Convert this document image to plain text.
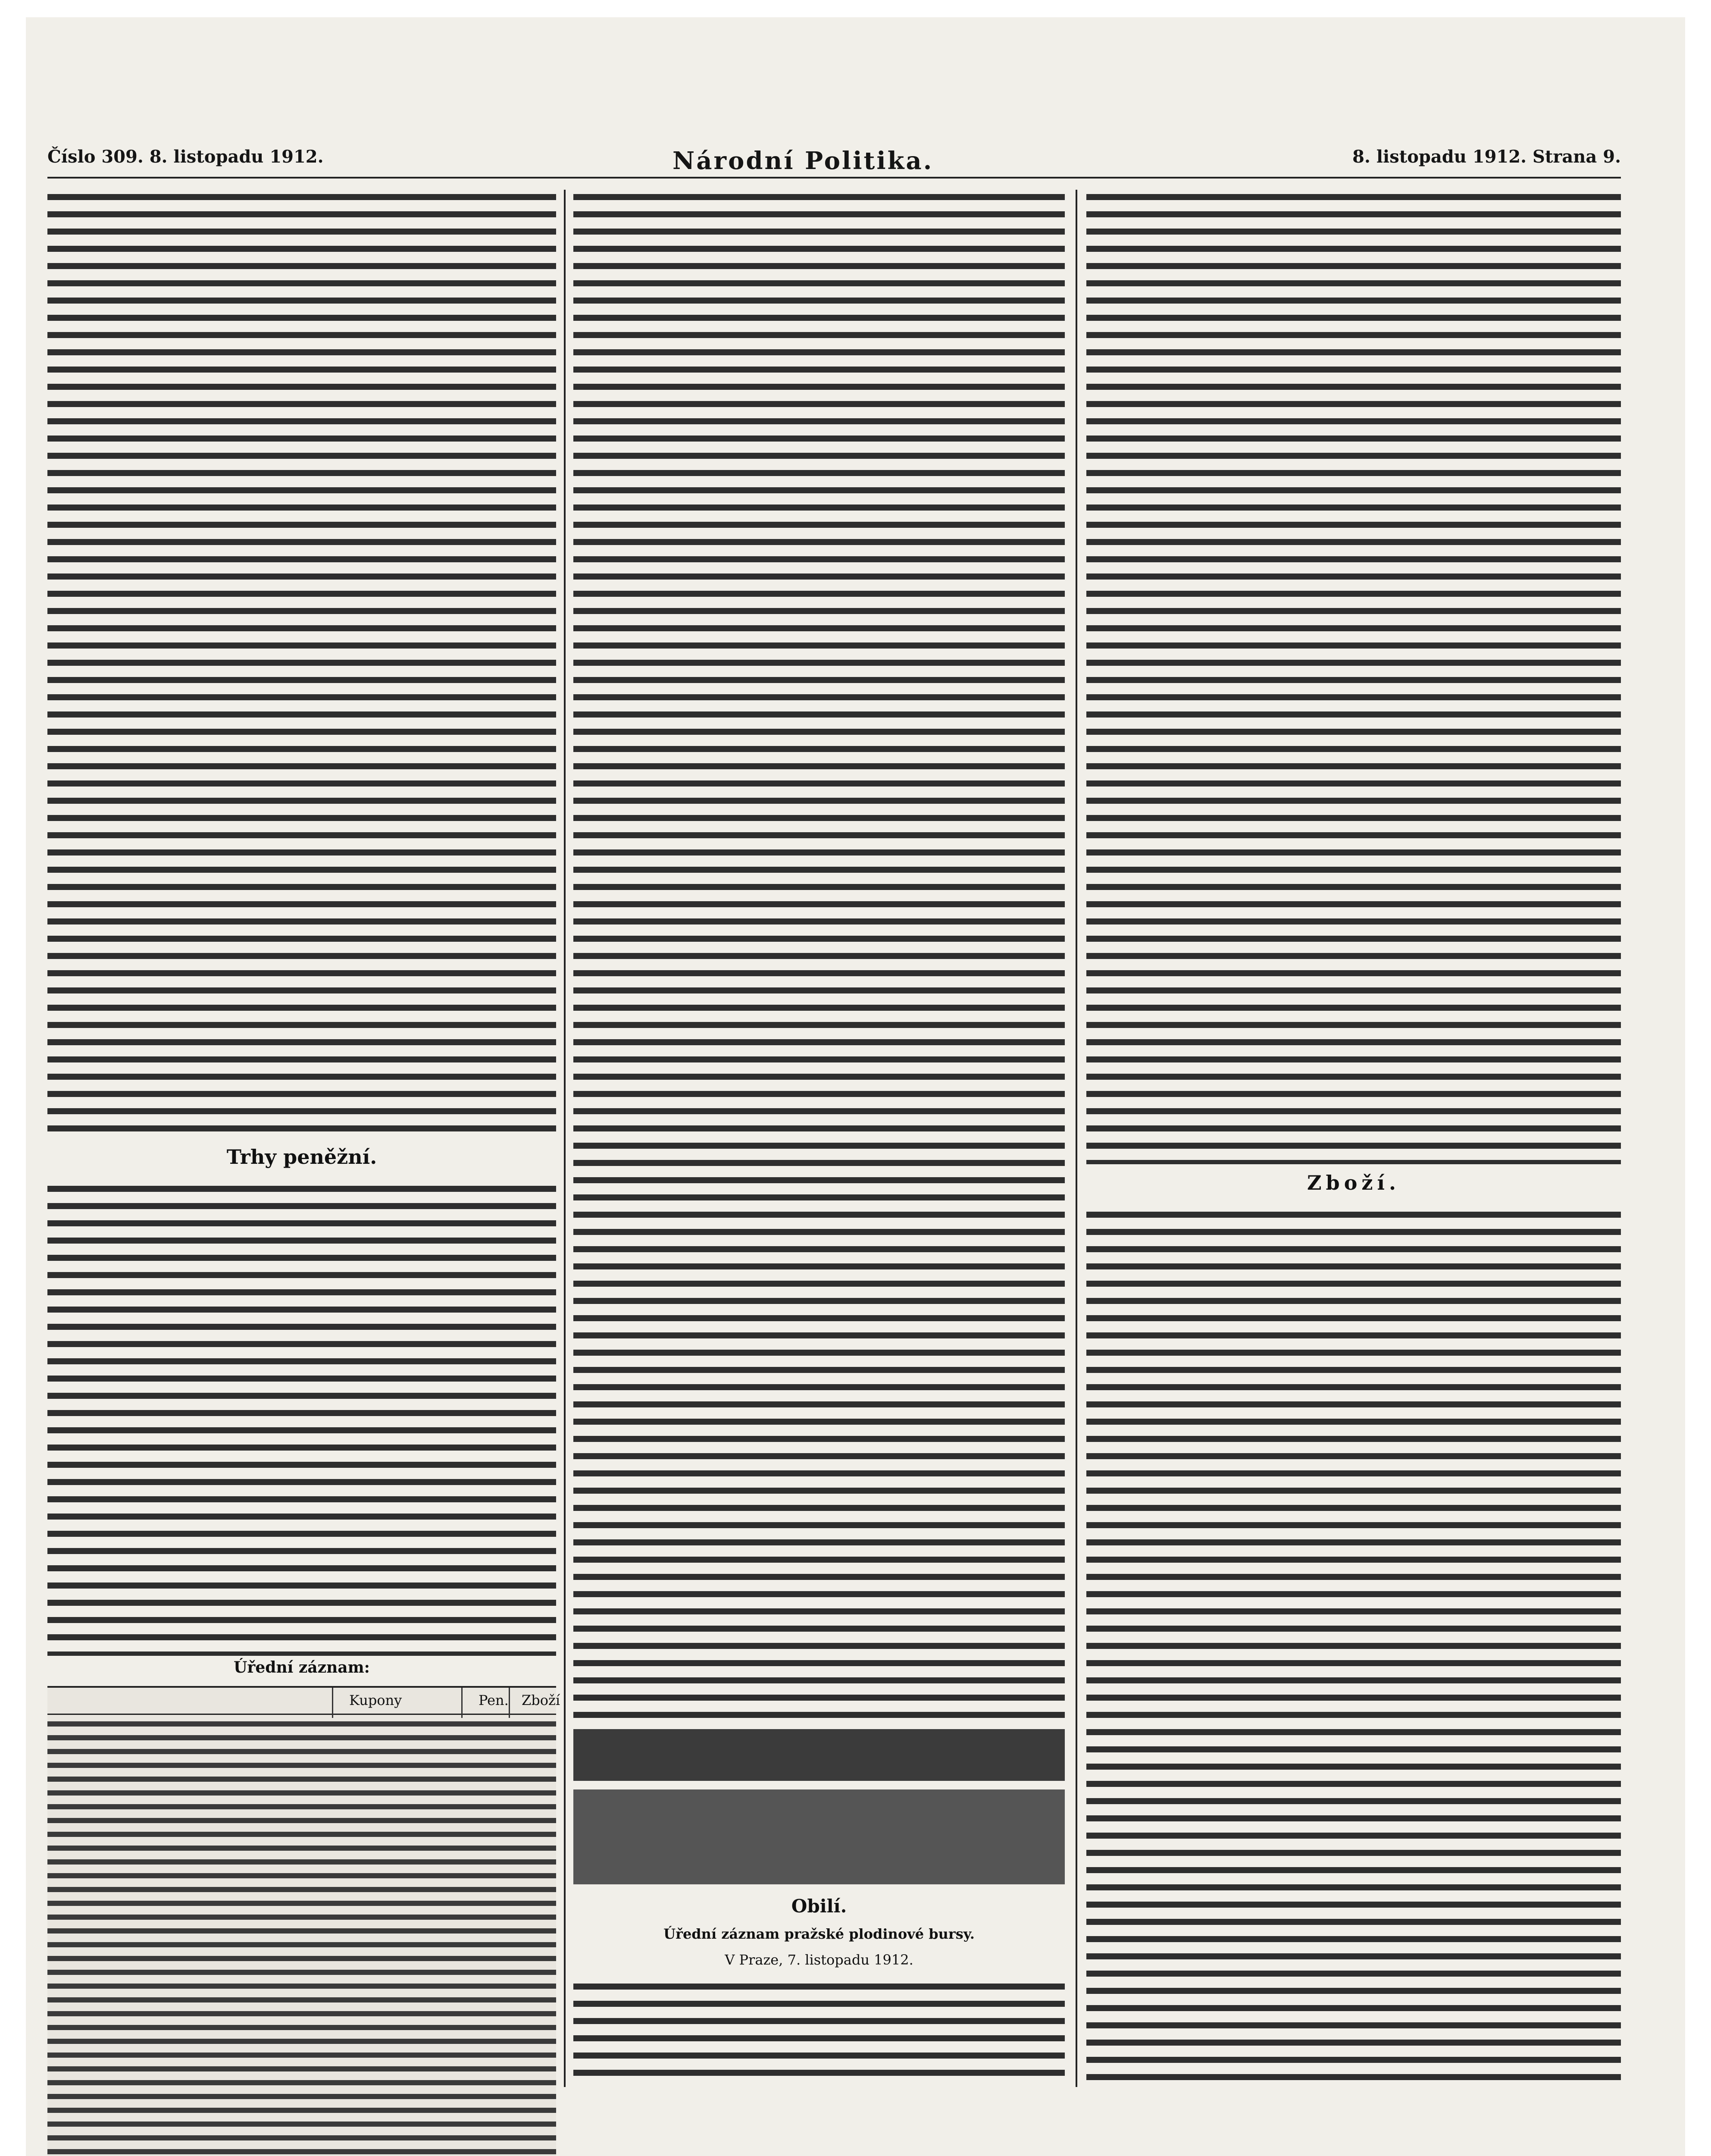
Číslo 309. 8. listopadu 1912.	Národní Politika.	8. listopadu 1912. Strana 9.
Trhy peněžní.
Úřední záznam:
Kupony	Pen. Zboží
Obilí.
Úřední záznam pražské plodinové bursy.
V Praze, 7. listopadu 1912.
Zboží.
